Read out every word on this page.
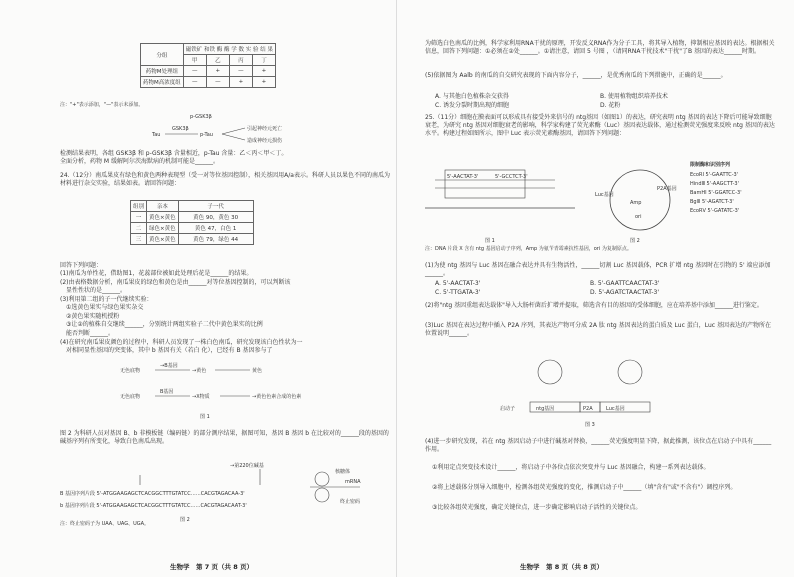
分组	磁铁矿 和铁 酶 酶 学 数 实 验 结 果			
	甲	乙	丙	丁
药物M处理组	—	+	—	+
药物M高浓度组	—	—	+	+
注："+"表示添加，"—"表示未添加。
Tau
GSK3β
p-Tau
引起神经元死亡
造成神经元损伤
p-GSK3β
检测结果表明，各组 GSK3β 和 p-GSK3β 含量相近，p-Tau 含量：乙＜丙＜甲＜丁。
全面分析，药物 M 缓解阿尔茨海默病的机制可能是______。
24.（12分）南瓜果皮有绿色和黄色两种表现型（受一对等位基因控制），相关基因用A/a表示。科研人员以果色不同的南瓜为材料进行杂交实验，结果如表。请回答问题：
组别	亲本	子一代
一	黄色×黄色	黄色 90，黄色 30
二	绿色×黄色	黄色 47，白色 1
三	黄色×黄色	黄色 79，绿色 44
回答下列问题：
(1)南瓜为单性花，借助图1，花蕊部位被如此处理后花是______的结果。
(2)由表格数据分析，南瓜果皮的绿色和黄色是由______对等位基因控制的，可以判断该
显性性状的是______。
(3)利用第二组的子一代继续实验：
①选黄色果实与绿色果实杂交
②黄色果实随机授粉
③让②的植株自交继续______，分别统计两组实验子二代中黄色果实的比例
能否判断______。
(4)在研究南瓜果皮颜色的过程中，科研人员发现了一株白色南瓜，研究发现该白色性状为一
对相同显性基因的突变体，其中 b 基因有关（若白 化），已经有 B 基因参与了
无色底物
→B基因
→黄色	黄色
无色底物
B基因
→X物质	→黄色色素合成的色素
图 1
图 2 为科研人员对基因 B、b 非模板链（编码链）的部分测序结果，据图可知，基因 B 基因 b 在比较对的______段的基因的碱基序列有所变化，导致白色南瓜出现。
→第220位碱基
B 基因序列片段 5'-ATGGAAGAGCTCACGGCTTTGTATCC……CACGTAGACAA-3'
b 基因序列片段 5'-ATGGAAGAGCTCACGGCTTTGTATCC……CACGTAGACAAT-3'
图 2
核糖体
mRNA
终止密码
注：终止密码子为 UAA、UAG、UGA。
生物学　第 7 页（共 8 页）
为筛选白色南瓜的比例，科学家利用RNA干扰的原理，开发反义RNA作为分子工具，将其导入植物，抑制相应基因的表达。根据相关信息，回答下列问题：①必须在②处______。①请注意，请回 5 号图 ，（请同RNA干扰技术"干扰"了B 基因的表达______时期。
(5)依据图为 Aalb 的南瓜的自交研究表现的下面内容分子，______，是优秀南瓜的下列措施中，正确的是______。
A. 与其他白色植株杂交获得	B. 使用植物组织培养技术
C. 诱发分裂时期出现的细胞	D. 花粉
25.（11分）细胞在膜表面可以形成具有接受外来信号的 ntg基因（如图1）的表达，研究表明 ntg 基因的表达下降后可能导致细胞衰老，为研究 ntg 基因对细胞衰老的影响，科学家构建了荧光素酶（Luc）基因表达载体，通过检测荧光强度来反映 ntg 基因的表达水平。构建过程如图所示，图中 Luc 表示荧光素酶基因，请回答下列问题：
5'-AACTAT-3'	5'-GCCTCT-3'
图 1
Luc基因
P2A基因
Amp
ori
图 2
限制酶和识别序列
EcoRⅠ 5'-GAATTC-3'
HindⅢ 5'-AAGCTT-3'
BamHⅠ 5'-GGATCC-3'
BglⅡ 5'-AGATCT-3'
EcoRⅤ 5'-GATATC-3'
注：DNA 片段 X 含有 ntg 基因启动子序列，Amp 为氨苄青霉素抗性基因，ori 为复制原点。
(1)为使 ntg 基因与 Luc 基因在融合表达并具有生物活性，______切割 Luc 基因载体，PCR 扩增 ntg 基因时在引物的 5' 端应添加______。
A. 5'-AACTAT-3'	B. 5'-GAATTCAACTAT-3'
C. 5'-TTGATA-3'	D. 5'-AGATCTAACTAT-3'
(2)将"ntg 基因重组表达载体"导入大肠杆菌后扩增并提取，筛选含有目的基因的受体细胞，应在培养基中添加______进行鉴定。
(3)Luc 基因在表达过程中插入 P2A 序列，其表达产物可分成 2A 肽 ntg 基因表达的蛋白质及 Luc 蛋白，Luc 基因表达的产物所在位置说明______。
ntg基因	P2A	Luc基因
启动子
图 3
(4)进一步研究发现，若在 ntg 基因启动子中进行碱基对替换，______荧光强度明显下降，据此推测，该位点在启动子中具有______作用。
①利用定点突变技术设计______，将启动子中各位点依次突变并与 Luc 基因融合，构建一系列表达载体。
②将上述载体分别导入细胞中，检测各组荧光强度的变化，推测启动子中______（填"含有"或"不含有"）调控序列。
③比较各组荧光强度，确定关键位点，进一步确定影响启动子活性的关键位点。
生物学　第 8 页（共 8 页）
